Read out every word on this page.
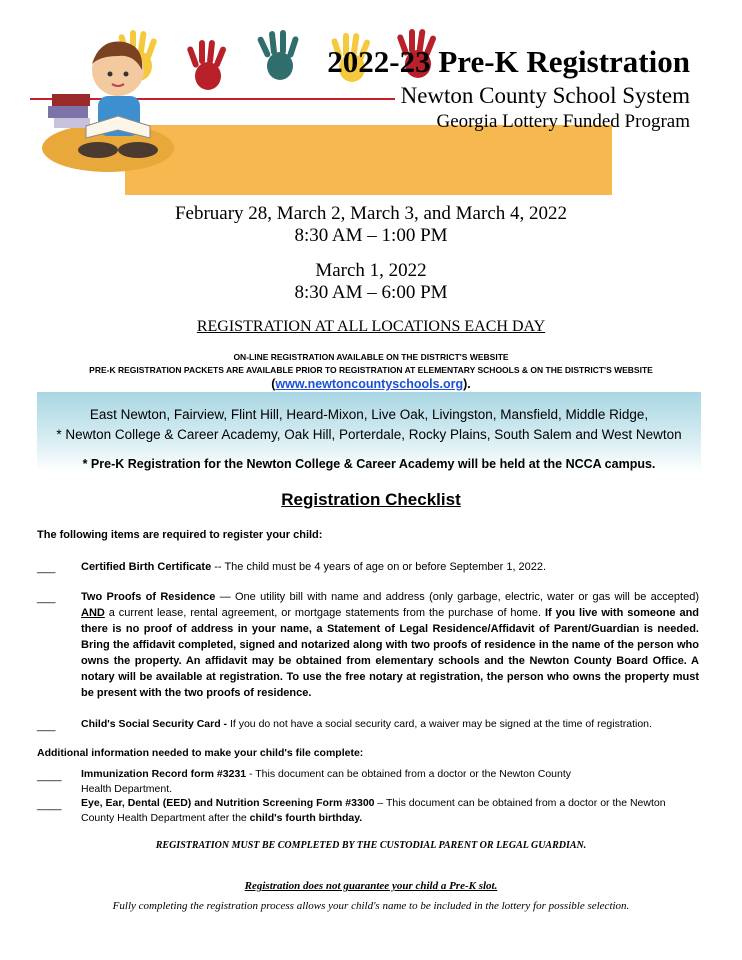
2022-23 Pre-K Registration
Newton County School System
Georgia Lottery Funded Program
February 28, March 2, March 3, and March 4, 2022
8:30 AM – 1:00 PM
March 1, 2022
8:30 AM – 6:00 PM
REGISTRATION AT ALL LOCATIONS EACH DAY
ON-LINE REGISTRATION AVAILABLE ON THE DISTRICT'S WEBSITE
PRE-K REGISTRATION PACKETS ARE AVAILABLE PRIOR TO REGISTRATION AT ELEMENTARY SCHOOLS & ON THE DISTRICT'S WEBSITE
(www.newtoncountyschools.org).
East Newton, Fairview, Flint Hill, Heard-Mixon, Live Oak, Livingston, Mansfield, Middle Ridge,
* Newton College & Career Academy, Oak Hill, Porterdale, Rocky Plains, South Salem and West Newton
* Pre-K Registration for the Newton College & Career Academy will be held at the NCCA campus.
Registration Checklist
The following items are required to register your child:
___	Certified Birth Certificate -- The child must be 4 years of age on or before September 1, 2022.
___	Two Proofs of Residence — One utility bill with name and address (only garbage, electric, water or gas will be accepted) AND a current lease, rental agreement, or mortgage statements from the purchase of home. If you live with someone and there is no proof of address in your name, a Statement of Legal Residence/Affidavit of Parent/Guardian is needed. Bring the affidavit completed, signed and notarized along with two proofs of residence in the name of the person who owns the property. An affidavit may be obtained from elementary schools and the Newton County Board Office. A notary will be available at registration. To use the free notary at registration, the person who owns the property must be present with the two proofs of residence.
___	Child's Social Security Card - If you do not have a social security card, a waiver may be signed at the time of registration.
Additional information needed to make your child's file complete:
____	Immunization Record form #3231 - This document can be obtained from a doctor or the Newton County
Health Department.
____	Eye, Ear, Dental (EED) and Nutrition Screening Form #3300 – This document can be obtained from a doctor or the Newton
County Health Department after the child's fourth birthday.
REGISTRATION MUST BE COMPLETED BY THE CUSTODIAL PARENT OR LEGAL GUARDIAN.
Registration does not guarantee your child a Pre-K slot.
Fully completing the registration process allows your child's name to be included in the lottery for possible selection.
